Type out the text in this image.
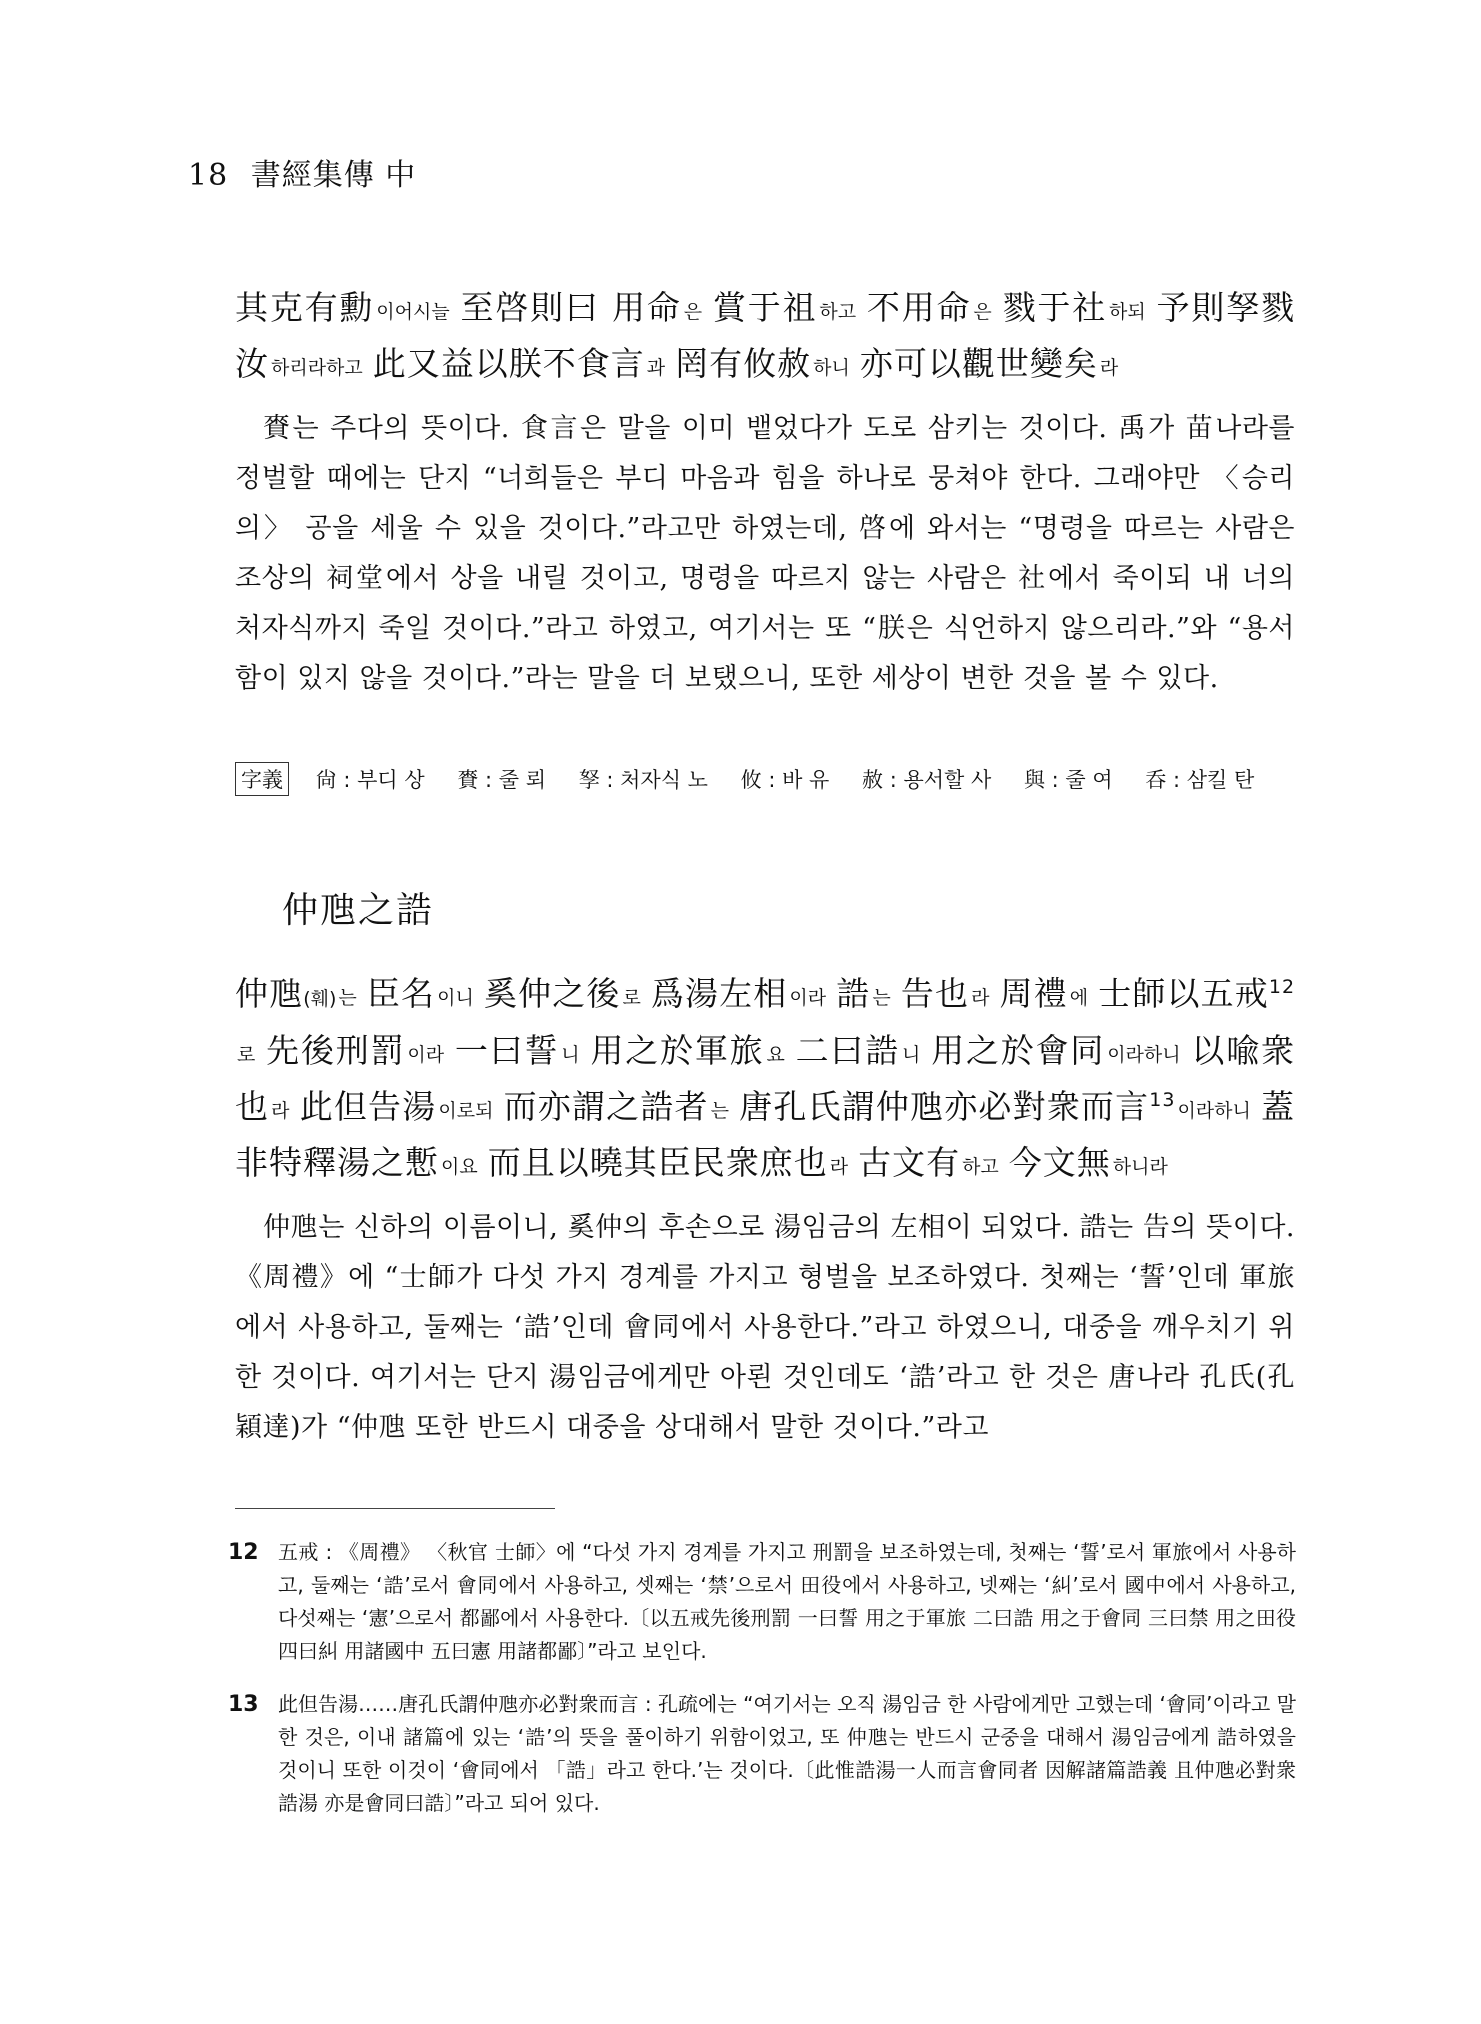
18 書經集傳 中
其克有勳 이어시늘 至啓則曰 用命 은 賞于祖 하고 不用命 은 戮于社 하되 予則孥戮汝 하리라하고 此又益以朕不食言 과 罔有攸赦 하니 亦可以觀世變矣 라
賚는 주다의 뜻이다. 食言은 말을 이미 뱉었다가 도로 삼키는 것이다. 禹가 苗나라를 정벌할 때에는 단지 “너희들은 부디 마음과 힘을 하나로 뭉쳐야 한다. 그래야만 〈승리의〉 공을 세울 수 있을 것이다.”라고만 하였는데, 啓에 와서는 “명령을 따르는 사람은 조상의 祠堂에서 상을 내릴 것이고, 명령을 따르지 않는 사람은 社에서 죽이되 내 너의 처자식까지 죽일 것이다.”라고 하였고, 여기서는 또 “朕은 식언하지 않으리라.”와 “용서함이 있지 않을 것이다.”라는 말을 더 보탰으니, 또한 세상이 변한 것을 볼 수 있다.
字義 尙 : 부디 상 賚 : 줄 뢰 孥 : 처자식 노 攸 : 바 유 赦 : 용서할 사 與 : 줄 여 呑 : 삼킬 탄
仲虺之誥
仲虺(훼) 는 臣名 이니 奚仲之後 로 爲湯左相 이라 誥 는 告也 라 周禮 에 士師以五戒$^{12}$로 先後刑罰 이라 一曰誓 니 用之於軍旅 요 二曰誥 니 用之於會同 이라하니 以喩衆也 라 此但告湯 이로되 而亦謂之誥者 는 唐孔氏謂仲虺亦必對衆而言$^{13}$ 이라하니 蓋非特釋湯之慙 이요 而且以曉其臣民衆庶也 라 古文有 하고 今文無 하니라
仲虺는 신하의 이름이니, 奚仲의 후손으로 湯임금의 左相이 되었다. 誥는 告의 뜻이다. 《周禮》에 “士師가 다섯 가지 경계를 가지고 형벌을 보조하였다. 첫째는 ‘誓’인데 軍旅에서 사용하고, 둘째는 ‘誥’인데 會同에서 사용한다.”라고 하였으니, 대중을 깨우치기 위한 것이다. 여기서는 단지 湯임금에게만 아뢴 것인데도 ‘誥’라고 한 것은 唐나라 孔氏(孔穎達)가 “仲虺 또한 반드시 대중을 상대해서 말한 것이다.”라고
12 五戒 : 《周禮》 〈秋官 士師〉에 “다섯 가지 경계를 가지고 刑罰을 보조하였는데, 첫째는 ‘誓’로서 軍旅에서 사용하고, 둘째는 ‘誥’로서 會同에서 사용하고, 셋째는 ‘禁’으로서 田役에서 사용하고, 넷째는 ‘糾’로서 國中에서 사용하고, 다섯째는 ‘憲’으로서 都鄙에서 사용한다.〔以五戒先後刑罰 一曰誓 用之于軍旅 二曰誥 用之于會同 三曰禁 用之田役 四曰糾 用諸國中 五曰憲 用諸都鄙〕”라고 보인다.
13 此但告湯……唐孔氏謂仲虺亦必對衆而言 : 孔疏에는 “여기서는 오직 湯임금 한 사람에게만 고했는데 ‘會同’이라고 말한 것은, 이내 諸篇에 있는 ‘誥’의 뜻을 풀이하기 위함이었고, 또 仲虺는 반드시 군중을 대해서 湯임금에게 誥하였을 것이니 또한 이것이 ‘會同에서 「誥」라고 한다.’는 것이다.〔此惟誥湯一人而言會同者 因解諸篇誥義 且仲虺必對衆誥湯 亦是會同曰誥〕”라고 되어 있다.
